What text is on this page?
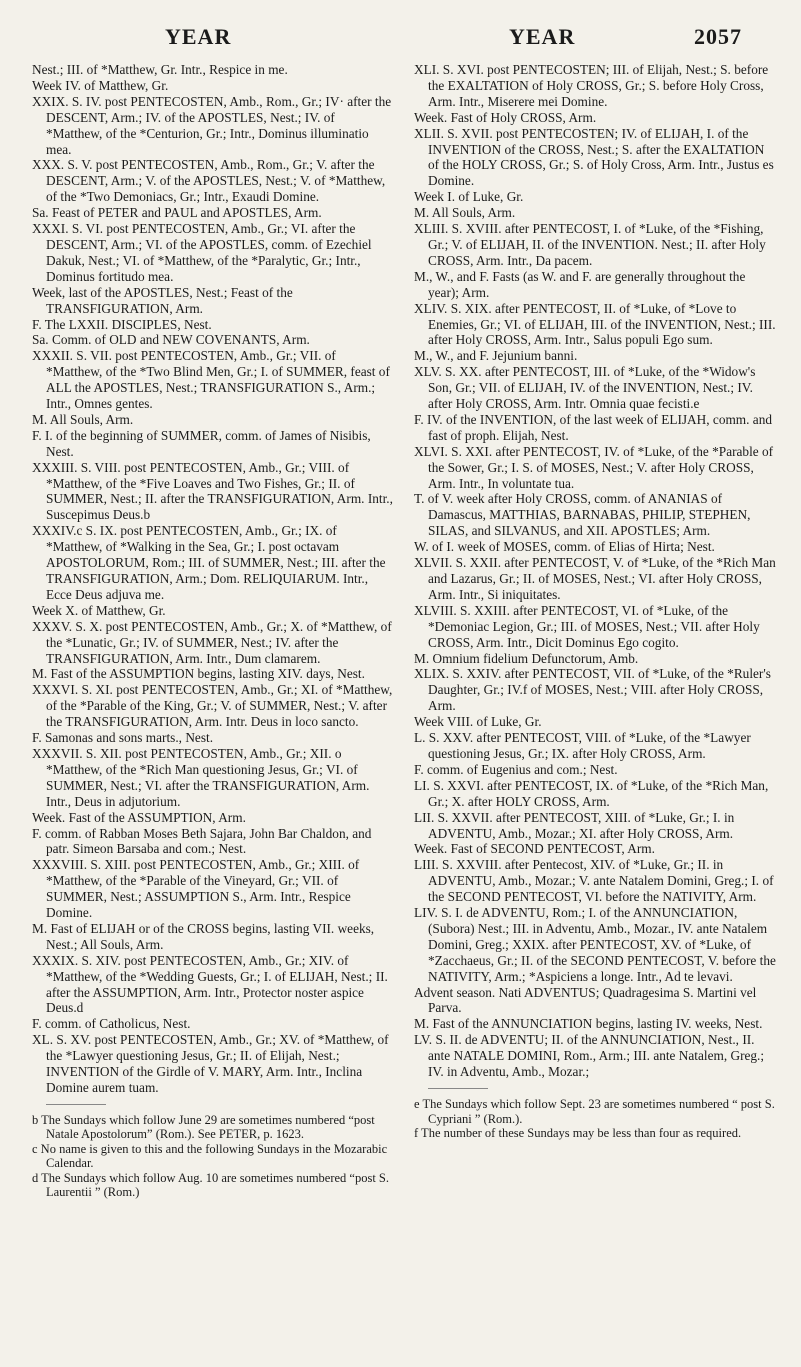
YEAR	YEAR	2057

Nest.; III. of *Matthew, Gr. Intr., Respice in me.

Week IV. of Matthew, Gr.

XXIX. S. IV. post PENTECOSTEN, Amb., Rom., Gr.; IV· after the DESCENT, Arm.; IV. of the APOSTLES, Nest.; IV. of *Matthew, of the *Centurion, Gr.; Intr., Dominus illuminatio mea.

XXX. S. V. post PENTECOSTEN, Amb., Rom., Gr.; V. after the DESCENT, Arm.; V. of the APOSTLES, Nest.; V. of *Matthew, of the *Two Demoniacs, Gr.; Intr., Exaudi Domine.

Sa. Feast of PETER and PAUL and APOSTLES, Arm.

XXXI. S. VI. post PENTECOSTEN, Amb., Gr.; VI. after the DESCENT, Arm.; VI. of the APOSTLES, comm. of Ezechiel Dakuk, Nest.; VI. of *Matthew, of the *Paralytic, Gr.; Intr., Dominus fortitudo mea.

Week, last of the APOSTLES, Nest.; Feast of the TRANSFIGURATION, Arm.

F. The LXXII. DISCIPLES, Nest.

Sa. Comm. of OLD and NEW COVENANTS, Arm.

XXXII. S. VII. post PENTECOSTEN, Amb., Gr.; VII. of *Matthew, of the *Two Blind Men, Gr.; I. of SUMMER, feast of ALL the APOSTLES, Nest.; TRANSFIGURATION S., Arm.; Intr., Omnes gentes.

M. All Souls, Arm.

F. I. of the beginning of SUMMER, comm. of James of Nisibis, Nest.

XXXIII. S. VIII. post PENTECOSTEN, Amb., Gr.; VIII. of *Matthew, of the *Five Loaves and Two Fishes, Gr.; II. of SUMMER, Nest.; II. after the TRANSFIGURATION, Arm. Intr., Suscepimus Deus.b

XXXIV.c S. IX. post PENTECOSTEN, Amb., Gr.; IX. of *Matthew, of *Walking in the Sea, Gr.; I. post octavam APOSTOLORUM, Rom.; III. of SUMMER, Nest.; III. after the TRANSFIGURATION, Arm.; Dom. RELIQUIARUM. Intr., Ecce Deus adjuva me.

Week X. of Matthew, Gr.

XXXV. S. X. post PENTECOSTEN, Amb., Gr.; X. of *Matthew, of the *Lunatic, Gr.; IV. of SUMMER, Nest.; IV. after the TRANSFIGURATION, Arm. Intr., Dum clamarem.

M. Fast of the ASSUMPTION begins, lasting XIV. days, Nest.

XXXVI. S. XI. post PENTECOSTEN, Amb., Gr.; XI. of *Matthew, of the *Parable of the King, Gr.; V. of SUMMER, Nest.; V. after the TRANSFIGURATION, Arm. Intr. Deus in loco sancto.

F. Samonas and sons marts., Nest.

XXXVII. S. XII. post PENTECOSTEN, Amb., Gr.; XII. o *Matthew, of the *Rich Man questioning Jesus, Gr.; VI. of SUMMER, Nest.; VI. after the TRANSFIGURATION, Arm. Intr., Deus in adjutorium.

Week. Fast of the ASSUMPTION, Arm.

F. comm. of Rabban Moses Beth Sajara, John Bar Chaldon, and patr. Simeon Barsaba and com.; Nest.

XXXVIII. S. XIII. post PENTECOSTEN, Amb., Gr.; XIII. of *Matthew, of the *Parable of the Vineyard, Gr.; VII. of SUMMER, Nest.; ASSUMPTION S., Arm. Intr., Respice Domine.

M. Fast of ELIJAH or of the CROSS begins, lasting VII. weeks, Nest.; All Souls, Arm.

XXXIX. S. XIV. post PENTECOSTEN, Amb., Gr.; XIV. of *Matthew, of the *Wedding Guests, Gr.; I. of ELIJAH, Nest.; II. after the ASSUMPTION, Arm. Intr., Protector noster aspice Deus.d

F. comm. of Catholicus, Nest.

XL. S. XV. post PENTECOSTEN, Amb., Gr.; XV. of *Matthew, of the *Lawyer questioning Jesus, Gr.; II. of Elijah, Nest.; INVENTION of the Girdle of V. MARY, Arm. Intr., Inclina Domine aurem tuam.

b The Sundays which follow June 29 are sometimes numbered “post Natale Apostolorum” (Rom.). See PETER, p. 1623.

c No name is given to this and the following Sundays in the Mozarabic Calendar.

d The Sundays which follow Aug. 10 are sometimes numbered “post S. Laurentii ” (Rom.)

XLI. S. XVI. post PENTECOSTEN; III. of Elijah, Nest.; S. before the EXALTATION of Holy CROSS, Gr.; S. before Holy Cross, Arm. Intr., Miserere mei Domine.

Week. Fast of Holy CROSS, Arm.

XLII. S. XVII. post PENTECOSTEN; IV. of ELIJAH, I. of the INVENTION of the CROSS, Nest.; S. after the EXALTATION of the HOLY CROSS, Gr.; S. of Holy Cross, Arm. Intr., Justus es Domine.

Week I. of Luke, Gr.

M. All Souls, Arm.

XLIII. S. XVIII. after PENTECOST, I. of *Luke, of the *Fishing, Gr.; V. of ELIJAH, II. of the INVENTION. Nest.; II. after Holy CROSS, Arm. Intr., Da pacem.

M., W., and F. Fasts (as W. and F. are generally throughout the year); Arm.

XLIV. S. XIX. after PENTECOST, II. of *Luke, of *Love to Enemies, Gr.; VI. of ELIJAH, III. of the INVENTION, Nest.; III. after Holy CROSS, Arm. Intr., Salus populi Ego sum.

M., W., and F. Jejunium banni.

XLV. S. XX. after PENTECOST, III. of *Luke, of the *Widow's Son, Gr.; VII. of ELIJAH, IV. of the INVENTION, Nest.; IV. after Holy CROSS, Arm. Intr. Omnia quae fecisti.e

F. IV. of the INVENTION, of the last week of ELIJAH, comm. and fast of proph. Elijah, Nest.

XLVI. S. XXI. after PENTECOST, IV. of *Luke, of the *Parable of the Sower, Gr.; I. S. of MOSES, Nest.; V. after Holy CROSS, Arm. Intr., In voluntate tua.

T. of V. week after Holy CROSS, comm. of ANANIAS of Damascus, MATTHIAS, BARNABAS, PHILIP, STEPHEN, SILAS, and SILVANUS, and XII. APOSTLES; Arm.

W. of I. week of MOSES, comm. of Elias of Hirta; Nest.

XLVII. S. XXII. after PENTECOST, V. of *Luke, of the *Rich Man and Lazarus, Gr.; II. of MOSES, Nest.; VI. after Holy CROSS, Arm. Intr., Si iniquitates.

XLVIII. S. XXIII. after PENTECOST, VI. of *Luke, of the *Demoniac Legion, Gr.; III. of MOSES, Nest.; VII. after Holy CROSS, Arm. Intr., Dicit Dominus Ego cogito.

M. Omnium fidelium Defunctorum, Amb.

XLIX. S. XXIV. after PENTECOST, VII. of *Luke, of the *Ruler's Daughter, Gr.; IV.f of MOSES, Nest.; VIII. after Holy CROSS, Arm.

Week VIII. of Luke, Gr.

L. S. XXV. after PENTECOST, VIII. of *Luke, of the *Lawyer questioning Jesus, Gr.; IX. after Holy CROSS, Arm.

F. comm. of Eugenius and com.; Nest.

LI. S. XXVI. after PENTECOST, IX. of *Luke, of the *Rich Man, Gr.; X. after HOLY CROSS, Arm.

LII. S. XXVII. after PENTECOST, XIII. of *Luke, Gr.; I. in ADVENTU, Amb., Mozar.; XI. after Holy CROSS, Arm.

Week. Fast of SECOND PENTECOST, Arm.

LIII. S. XXVIII. after Pentecost, XIV. of *Luke, Gr.; II. in ADVENTU, Amb., Mozar.; V. ante Natalem Domini, Greg.; I. of the SECOND PENTECOST, VI. before the NATIVITY, Arm.

LIV. S. I. de ADVENTU, Rom.; I. of the ANNUNCIATION, (Subora) Nest.; III. in Adventu, Amb., Mozar., IV. ante Natalem Domini, Greg.; XXIX. after PENTECOST, XV. of *Luke, of *Zacchaeus, Gr.; II. of the SECOND PENTECOST, V. before the NATIVITY, Arm.; *Aspiciens a longe. Intr., Ad te levavi.

Advent season. Nati ADVENTUS; Quadragesima S. Martini vel Parva.

M. Fast of the ANNUNCIATION begins, lasting IV. weeks, Nest.

LV. S. II. de ADVENTU; II. of the ANNUNCIATION, Nest., II. ante NATALE DOMINI, Rom., Arm.; III. ante Natalem, Greg.; IV. in Adventu, Amb., Mozar.;

e The Sundays which follow Sept. 23 are sometimes numbered “ post S. Cypriani ” (Rom.).

f The number of these Sundays may be less than four as required.
